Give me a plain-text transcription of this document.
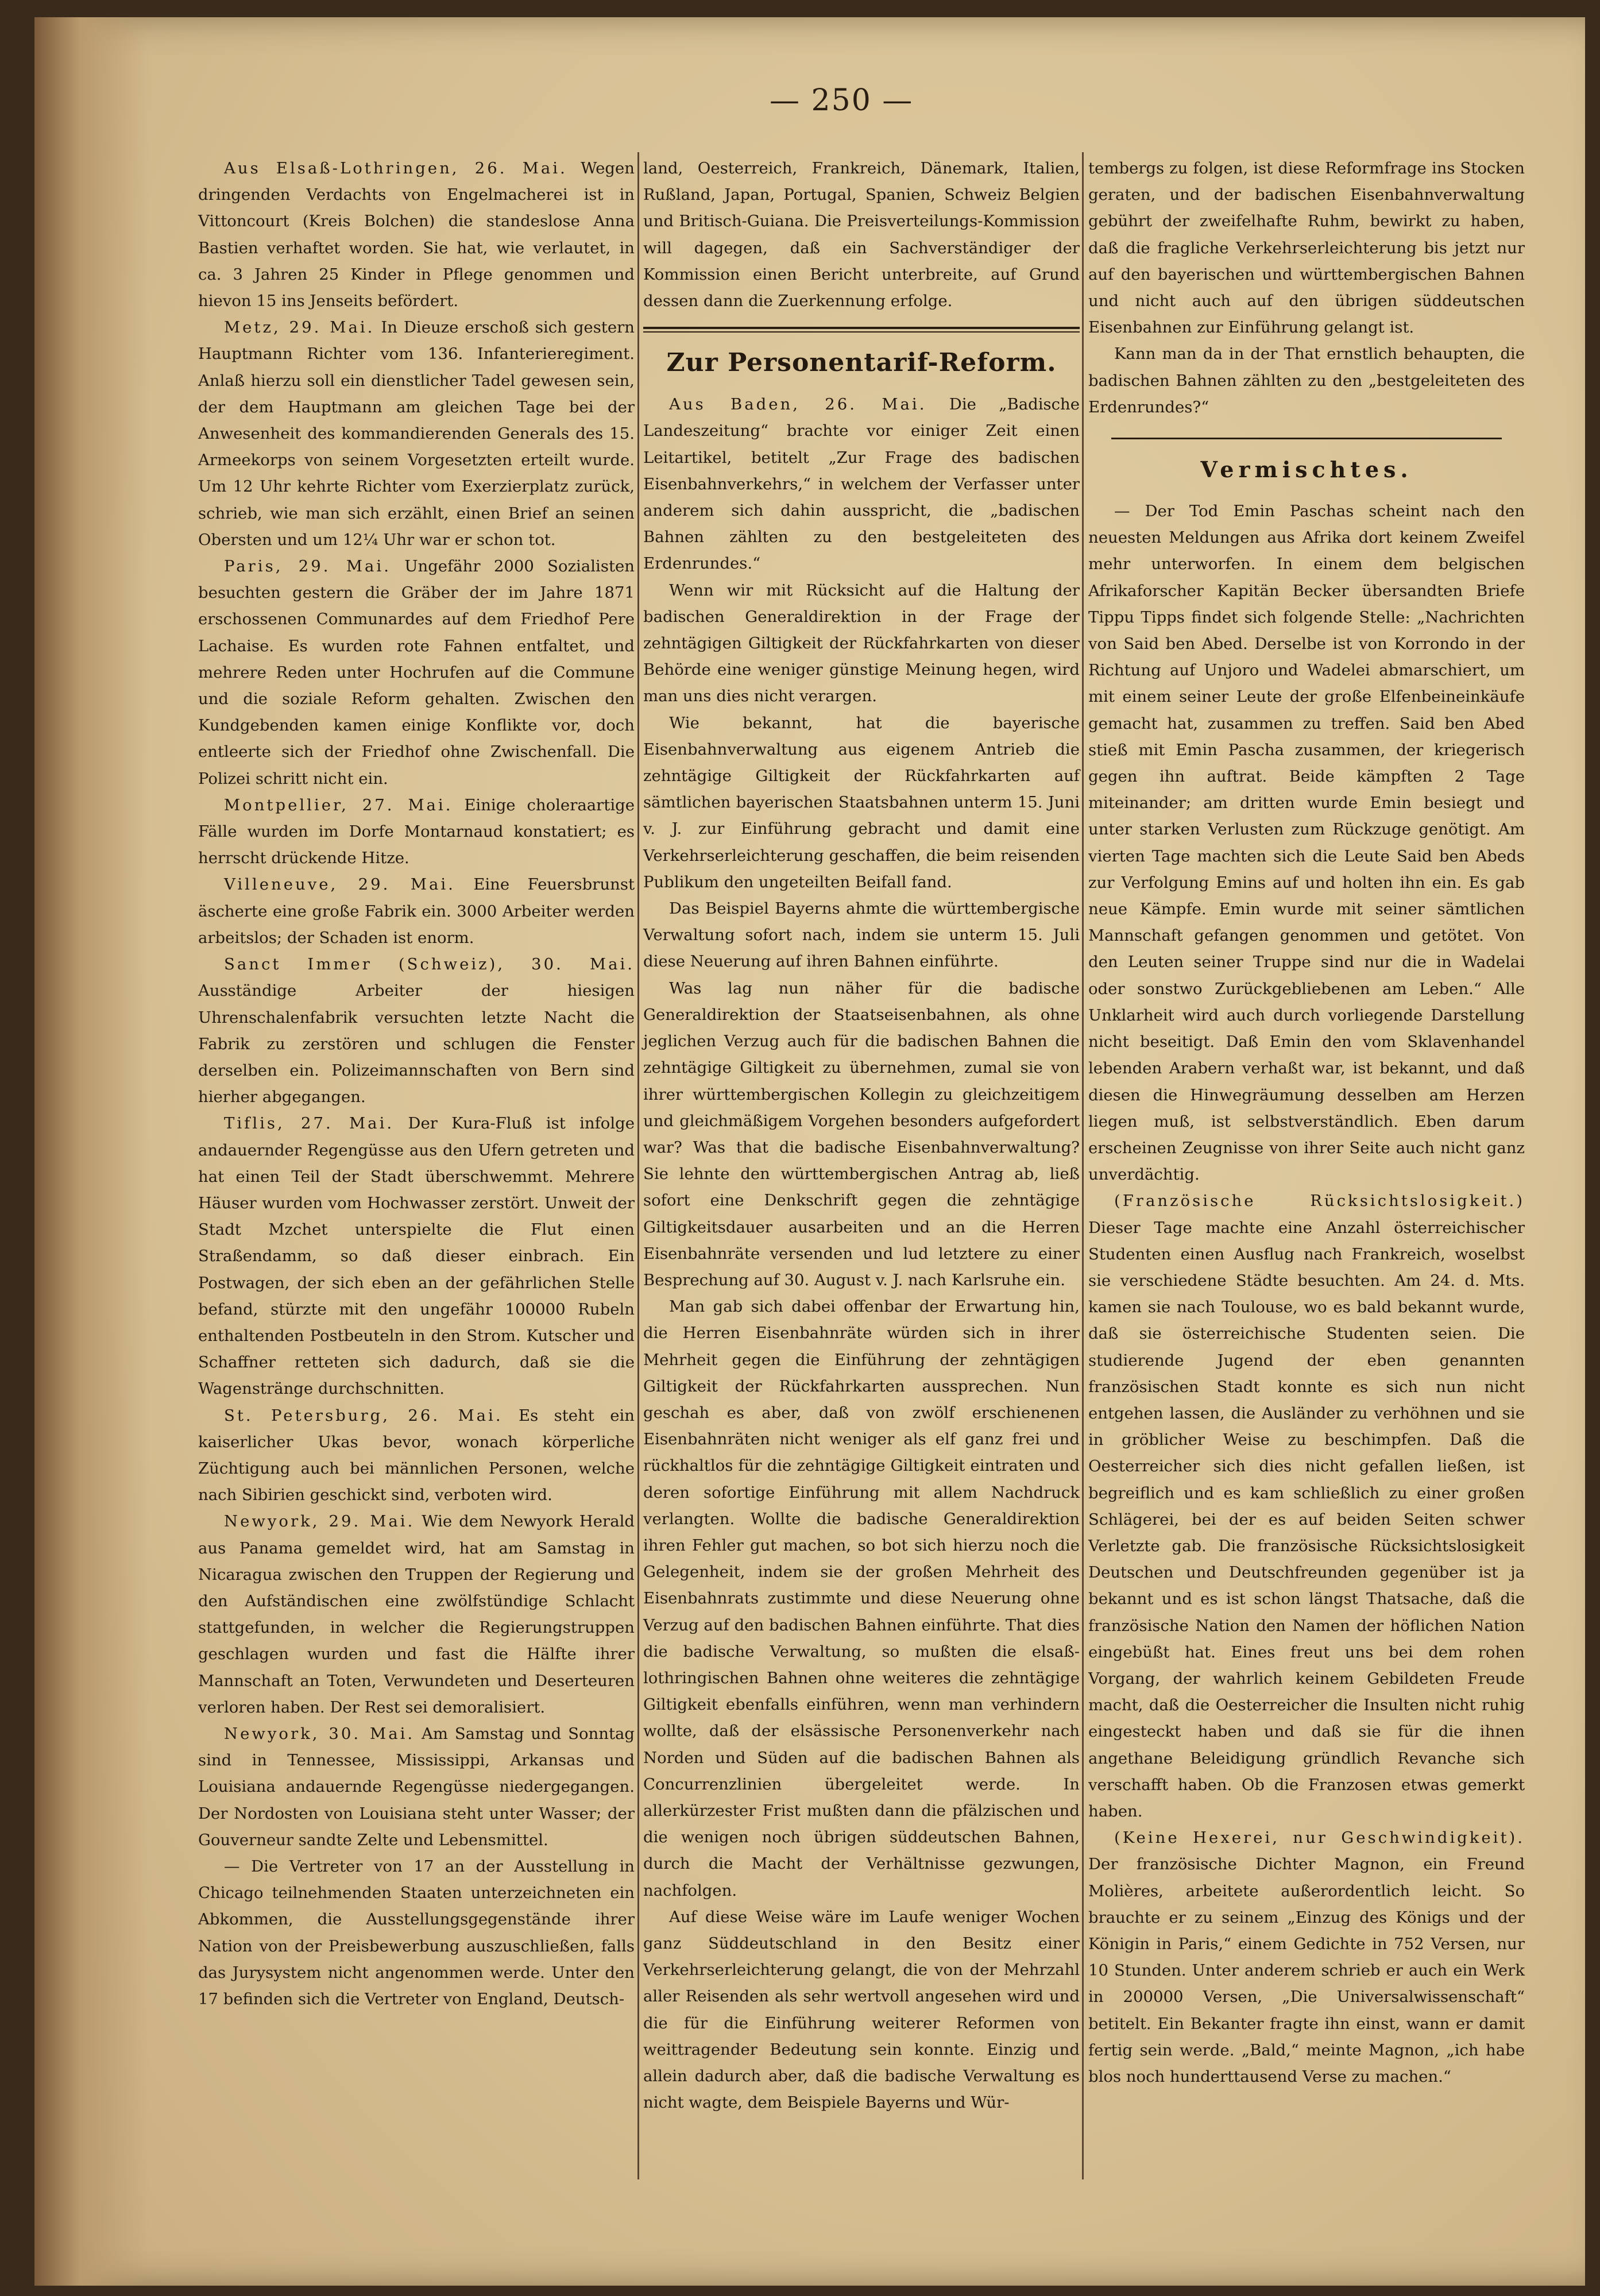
— 250 —

Aus Elsaß-Lothringen, 26. Mai. Wegen dringenden Verdachts von Engelmacherei ist in Vittoncourt (Kreis Bolchen) die standeslose Anna Bastien verhaftet worden. Sie hat, wie verlautet, in ca. 3 Jahren 25 Kinder in Pflege genommen und hievon 15 ins Jenseits befördert.

Metz, 29. Mai. In Dieuze erschoß sich gestern Hauptmann Richter vom 136. Infanterieregiment. Anlaß hierzu soll ein dienstlicher Tadel gewesen sein, der dem Hauptmann am gleichen Tage bei der Anwesenheit des kommandierenden Generals des 15. Armeekorps von seinem Vorgesetzten erteilt wurde. Um 12 Uhr kehrte Richter vom Exerzierplatz zurück, schrieb, wie man sich erzählt, einen Brief an seinen Obersten und um 12¼ Uhr war er schon tot.

Paris, 29. Mai. Ungefähr 2000 Sozialisten besuchten gestern die Gräber der im Jahre 1871 erschossenen Communardes auf dem Friedhof Pere Lachaise. Es wurden rote Fahnen entfaltet, und mehrere Reden unter Hochrufen auf die Commune und die soziale Reform gehalten. Zwischen den Kundgebenden kamen einige Konflikte vor, doch entleerte sich der Friedhof ohne Zwischenfall. Die Polizei schritt nicht ein.

Montpellier, 27. Mai. Einige choleraartige Fälle wurden im Dorfe Montarnaud konstatiert; es herrscht drückende Hitze.

Villeneuve, 29. Mai. Eine Feuersbrunst äscherte eine große Fabrik ein. 3000 Arbeiter werden arbeitslos; der Schaden ist enorm.

Sanct Immer (Schweiz), 30. Mai. Ausständige Arbeiter der hiesigen Uhrenschalenfabrik versuchten letzte Nacht die Fabrik zu zerstören und schlugen die Fenster derselben ein. Polizeimannschaften von Bern sind hierher abgegangen.

Tiflis, 27. Mai. Der Kura-Fluß ist infolge andauernder Regengüsse aus den Ufern getreten und hat einen Teil der Stadt überschwemmt. Mehrere Häuser wurden vom Hochwasser zerstört. Unweit der Stadt Mzchet unterspielte die Flut einen Straßendamm, so daß dieser einbrach. Ein Postwagen, der sich eben an der gefährlichen Stelle befand, stürzte mit den ungefähr 100000 Rubeln enthaltenden Postbeuteln in den Strom. Kutscher und Schaffner retteten sich dadurch, daß sie die Wagenstränge durchschnitten.

St. Petersburg, 26. Mai. Es steht ein kaiserlicher Ukas bevor, wonach körperliche Züchtigung auch bei männlichen Personen, welche nach Sibirien geschickt sind, verboten wird.

Newyork, 29. Mai. Wie dem Newyork Herald aus Panama gemeldet wird, hat am Samstag in Nicaragua zwischen den Truppen der Regierung und den Aufständischen eine zwölfstündige Schlacht stattgefunden, in welcher die Regierungstruppen geschlagen wurden und fast die Hälfte ihrer Mannschaft an Toten, Verwundeten und Deserteuren verloren haben. Der Rest sei demoralisiert.

Newyork, 30. Mai. Am Samstag und Sonntag sind in Tennessee, Mississippi, Arkansas und Louisiana andauernde Regengüsse niedergegangen. Der Nordosten von Louisiana steht unter Wasser; der Gouverneur sandte Zelte und Lebensmittel.

— Die Vertreter von 17 an der Ausstellung in Chicago teilnehmenden Staaten unterzeichneten ein Abkommen, die Ausstellungsgegenstände ihrer Nation von der Preisbewerbung auszuschließen, falls das Jurysystem nicht angenommen werde. Unter den 17 befinden sich die Vertreter von England, Deutsch-

land, Oesterreich, Frankreich, Dänemark, Italien, Rußland, Japan, Portugal, Spanien, Schweiz Belgien und Britisch-Guiana. Die Preisverteilungs-Kommission will dagegen, daß ein Sachverständiger der Kommission einen Bericht unterbreite, auf Grund dessen dann die Zuerkennung erfolge.

Zur Personentarif-Reform.

Aus Baden, 26. Mai. Die „Badische Landeszeitung“ brachte vor einiger Zeit einen Leitartikel, betitelt „Zur Frage des badischen Eisenbahnverkehrs,“ in welchem der Verfasser unter anderem sich dahin ausspricht, die „badischen Bahnen zählten zu den bestgeleiteten des Erdenrundes.“

Wenn wir mit Rücksicht auf die Haltung der badischen Generaldirektion in der Frage der zehntägigen Giltigkeit der Rückfahrkarten von dieser Behörde eine weniger günstige Meinung hegen, wird man uns dies nicht verargen.

Wie bekannt, hat die bayerische Eisenbahnverwaltung aus eigenem Antrieb die zehntägige Giltigkeit der Rückfahrkarten auf sämtlichen bayerischen Staatsbahnen unterm 15. Juni v. J. zur Einführung gebracht und damit eine Verkehrserleichterung geschaffen, die beim reisenden Publikum den ungeteilten Beifall fand.

Das Beispiel Bayerns ahmte die württembergische Verwaltung sofort nach, indem sie unterm 15. Juli diese Neuerung auf ihren Bahnen einführte.

Was lag nun näher für die badische Generaldirektion der Staatseisenbahnen, als ohne jeglichen Verzug auch für die badischen Bahnen die zehntägige Giltigkeit zu übernehmen, zumal sie von ihrer württembergischen Kollegin zu gleichzeitigem und gleichmäßigem Vorgehen besonders aufgefordert war? Was that die badische Eisenbahnverwaltung? Sie lehnte den württembergischen Antrag ab, ließ sofort eine Denkschrift gegen die zehntägige Giltigkeitsdauer ausarbeiten und an die Herren Eisenbahnräte versenden und lud letztere zu einer Besprechung auf 30. August v. J. nach Karlsruhe ein.

Man gab sich dabei offenbar der Erwartung hin, die Herren Eisenbahnräte würden sich in ihrer Mehrheit gegen die Einführung der zehntägigen Giltigkeit der Rückfahrkarten aussprechen. Nun geschah es aber, daß von zwölf erschienenen Eisenbahnräten nicht weniger als elf ganz frei und rückhaltlos für die zehntägige Giltigkeit eintraten und deren sofortige Einführung mit allem Nachdruck verlangten. Wollte die badische Generaldirektion ihren Fehler gut machen, so bot sich hierzu noch die Gelegenheit, indem sie der großen Mehrheit des Eisenbahnrats zustimmte und diese Neuerung ohne Verzug auf den badischen Bahnen einführte. That dies die badische Verwaltung, so mußten die elsaß-lothringischen Bahnen ohne weiteres die zehntägige Giltigkeit ebenfalls einführen, wenn man verhindern wollte, daß der elsässische Personenverkehr nach Norden und Süden auf die badischen Bahnen als Concurrenzlinien übergeleitet werde. In allerkürzester Frist mußten dann die pfälzischen und die wenigen noch übrigen süddeutschen Bahnen, durch die Macht der Verhältnisse gezwungen, nachfolgen.

Auf diese Weise wäre im Laufe weniger Wochen ganz Süddeutschland in den Besitz einer Verkehrserleichterung gelangt, die von der Mehrzahl aller Reisenden als sehr wertvoll angesehen wird und die für die Einführung weiterer Reformen von weittragender Bedeutung sein konnte. Einzig und allein dadurch aber, daß die badische Verwaltung es nicht wagte, dem Beispiele Bayerns und Wür-

tembergs zu folgen, ist diese Reformfrage ins Stocken geraten, und der badischen Eisenbahnverwaltung gebührt der zweifelhafte Ruhm, bewirkt zu haben, daß die fragliche Verkehrserleichterung bis jetzt nur auf den bayerischen und württembergischen Bahnen und nicht auch auf den übrigen süddeutschen Eisenbahnen zur Einführung gelangt ist.

Kann man da in der That ernstlich behaupten, die badischen Bahnen zählten zu den „bestgeleiteten des Erdenrundes?“

Vermischtes.

— Der Tod Emin Paschas scheint nach den neuesten Meldungen aus Afrika dort keinem Zweifel mehr unterworfen. In einem dem belgischen Afrikaforscher Kapitän Becker übersandten Briefe Tippu Tipps findet sich folgende Stelle: „Nachrichten von Said ben Abed. Derselbe ist von Korrondo in der Richtung auf Unjoro und Wadelei abmarschiert, um mit einem seiner Leute der große Elfenbeineinkäufe gemacht hat, zusammen zu treffen. Said ben Abed stieß mit Emin Pascha zusammen, der kriegerisch gegen ihn auftrat. Beide kämpften 2 Tage miteinander; am dritten wurde Emin besiegt und unter starken Verlusten zum Rückzuge genötigt. Am vierten Tage machten sich die Leute Said ben Abeds zur Verfolgung Emins auf und holten ihn ein. Es gab neue Kämpfe. Emin wurde mit seiner sämtlichen Mannschaft gefangen genommen und getötet. Von den Leuten seiner Truppe sind nur die in Wadelai oder sonstwo Zurückgebliebenen am Leben.“ Alle Unklarheit wird auch durch vorliegende Darstellung nicht beseitigt. Daß Emin den vom Sklavenhandel lebenden Arabern verhaßt war, ist bekannt, und daß diesen die Hinwegräumung desselben am Herzen liegen muß, ist selbstverständlich. Eben darum erscheinen Zeugnisse von ihrer Seite auch nicht ganz unverdächtig.

(Französische Rücksichtslosigkeit.) Dieser Tage machte eine Anzahl österreichischer Studenten einen Ausflug nach Frankreich, woselbst sie verschiedene Städte besuchten. Am 24. d. Mts. kamen sie nach Toulouse, wo es bald bekannt wurde, daß sie österreichische Studenten seien. Die studierende Jugend der eben genannten französischen Stadt konnte es sich nun nicht entgehen lassen, die Ausländer zu verhöhnen und sie in gröblicher Weise zu beschimpfen. Daß die Oesterreicher sich dies nicht gefallen ließen, ist begreiflich und es kam schließlich zu einer großen Schlägerei, bei der es auf beiden Seiten schwer Verletzte gab. Die französische Rücksichtslosigkeit Deutschen und Deutschfreunden gegenüber ist ja bekannt und es ist schon längst Thatsache, daß die französische Nation den Namen der höflichen Nation eingebüßt hat. Eines freut uns bei dem rohen Vorgang, der wahrlich keinem Gebildeten Freude macht, daß die Oesterreicher die Insulten nicht ruhig eingesteckt haben und daß sie für die ihnen angethane Beleidigung gründlich Revanche sich verschafft haben. Ob die Franzosen etwas gemerkt haben.

(Keine Hexerei, nur Geschwindigkeit). Der französische Dichter Magnon, ein Freund Molières, arbeitete außerordentlich leicht. So brauchte er zu seinem „Einzug des Königs und der Königin in Paris,“ einem Gedichte in 752 Versen, nur 10 Stunden. Unter anderem schrieb er auch ein Werk in 200000 Versen, „Die Universalwissenschaft“ betitelt. Ein Bekanter fragte ihn einst, wann er damit fertig sein werde. „Bald,“ meinte Magnon, „ich habe blos noch hunderttausend Verse zu machen.“
